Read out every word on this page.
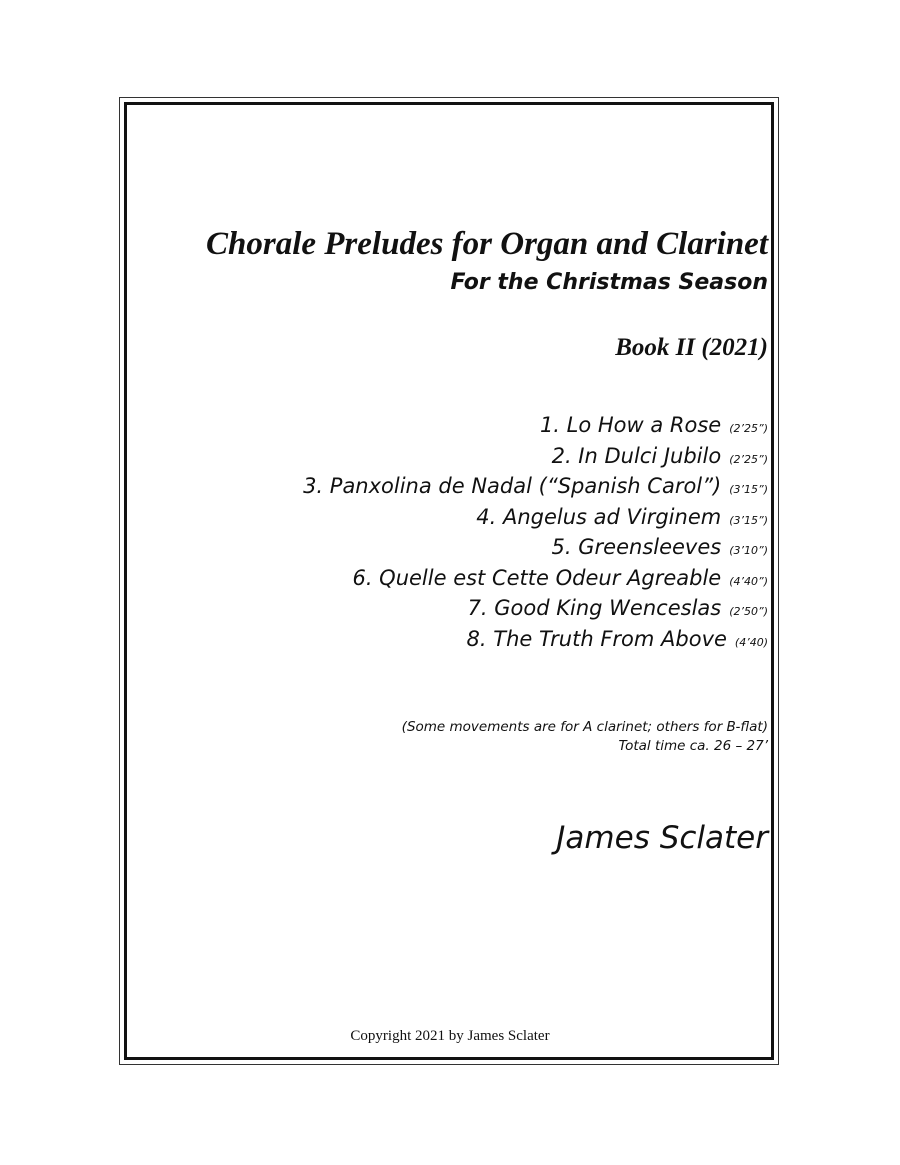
Chorale Preludes for Organ and Clarinet
For the Christmas Season
Book II (2021)
1. Lo How a Rose (2’25”)
2. In Dulci Jubilo (2’25”)
3. Panxolina de Nadal (“Spanish Carol”) (3’15”)
4. Angelus ad Virginem (3’15”)
5. Greensleeves (3’10”)
6. Quelle est Cette Odeur Agreable (4’40”)
7. Good King Wenceslas (2’50”)
8. The Truth From Above (4’40)
(Some movements are for A clarinet; others for B-flat)
Total time ca. 26 – 27’
James Sclater
Copyright 2021 by James Sclater
